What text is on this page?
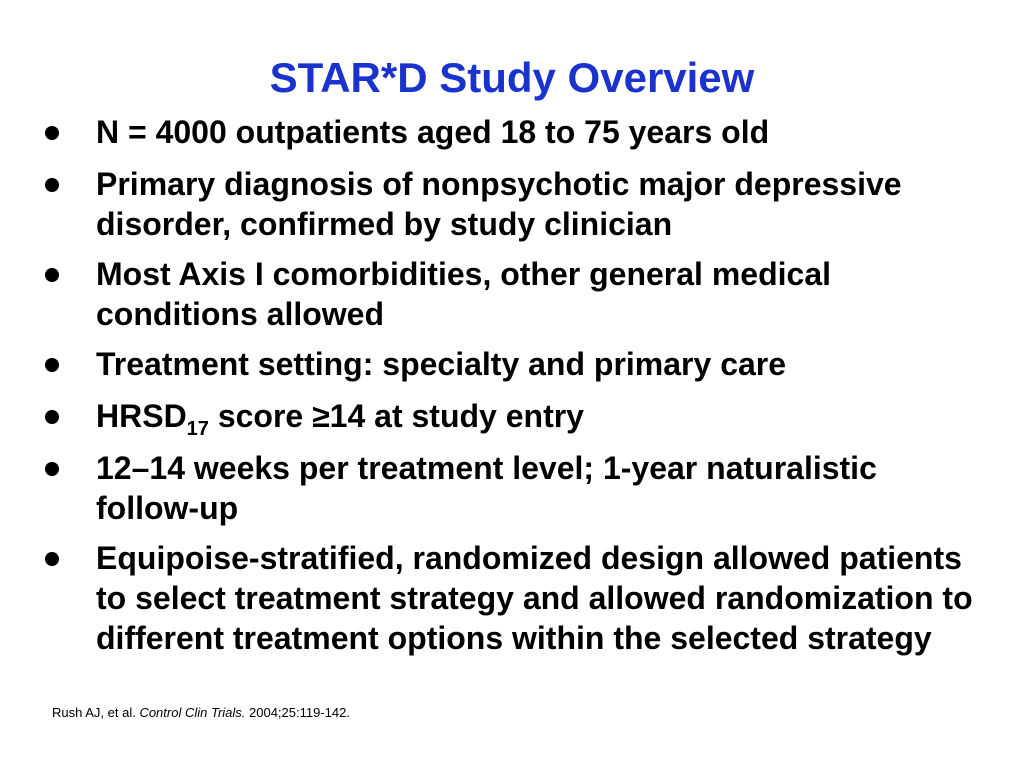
STAR*D Study Overview
N = 4000 outpatients aged 18 to 75 years old
Primary diagnosis of nonpsychotic major depressive disorder, confirmed by study clinician
Most Axis I comorbidities, other general medical conditions allowed
Treatment setting: specialty and primary care
$HRSD_{17}$ score ≥14 at study entry
12–14 weeks per treatment level; 1-year naturalistic follow-up
Equipoise-stratified, randomized design allowed patients to select treatment strategy and allowed randomization to different treatment options within the selected strategy
Rush AJ, et al. Control Clin Trials. 2004;25:119-142.
